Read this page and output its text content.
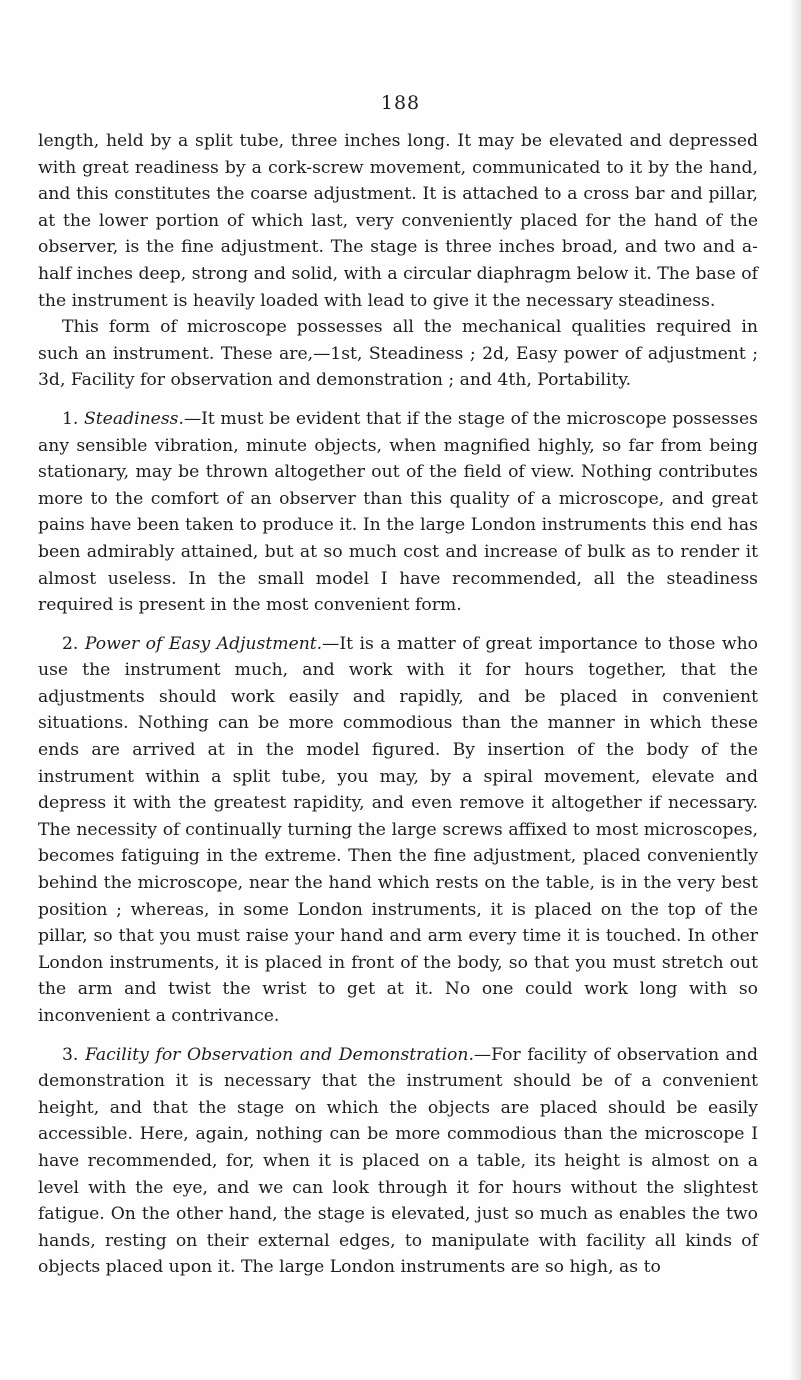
188

length, held by a split tube, three inches long. It may be elevated and depressed with great readiness by a cork-screw movement, communicated to it by the hand, and this constitutes the coarse adjustment. It is attached to a cross bar and pillar, at the lower portion of which last, very conveniently placed for the hand of the observer, is the fine adjustment. The stage is three inches broad, and two and a-half inches deep, strong and solid, with a circular diaphragm below it. The base of the instrument is heavily loaded with lead to give it the necessary steadiness.

This form of microscope possesses all the mechanical qualities required in such an instrument. These are,—1st, Steadiness ; 2d, Easy power of adjustment ; 3d, Facility for observation and demonstration ; and 4th, Portability.

1. Steadiness.—It must be evident that if the stage of the microscope possesses any sensible vibration, minute objects, when magnified highly, so far from being stationary, may be thrown altogether out of the field of view. Nothing contributes more to the comfort of an observer than this quality of a microscope, and great pains have been taken to produce it. In the large London instruments this end has been admirably attained, but at so much cost and increase of bulk as to render it almost useless. In the small model I have recommended, all the steadiness required is present in the most convenient form.

2. Power of Easy Adjustment.—It is a matter of great importance to those who use the instrument much, and work with it for hours together, that the adjustments should work easily and rapidly, and be placed in convenient situations. Nothing can be more commodious than the manner in which these ends are arrived at in the model figured. By insertion of the body of the instrument within a split tube, you may, by a spiral movement, elevate and depress it with the greatest rapidity, and even remove it altogether if necessary. The necessity of continually turning the large screws affixed to most microscopes, becomes fatiguing in the extreme. Then the fine adjustment, placed conveniently behind the microscope, near the hand which rests on the table, is in the very best position ; whereas, in some London instruments, it is placed on the top of the pillar, so that you must raise your hand and arm every time it is touched. In other London instruments, it is placed in front of the body, so that you must stretch out the arm and twist the wrist to get at it. No one could work long with so inconvenient a contrivance.

3. Facility for Observation and Demonstration.—For facility of observation and demonstration it is necessary that the instrument should be of a convenient height, and that the stage on which the objects are placed should be easily accessible. Here, again, nothing can be more commodious than the microscope I have recommended, for, when it is placed on a table, its height is almost on a level with the eye, and we can look through it for hours without the slightest fatigue. On the other hand, the stage is elevated, just so much as enables the two hands, resting on their external edges, to manipulate with facility all kinds of objects placed upon it. The large London instruments are so high, as to
